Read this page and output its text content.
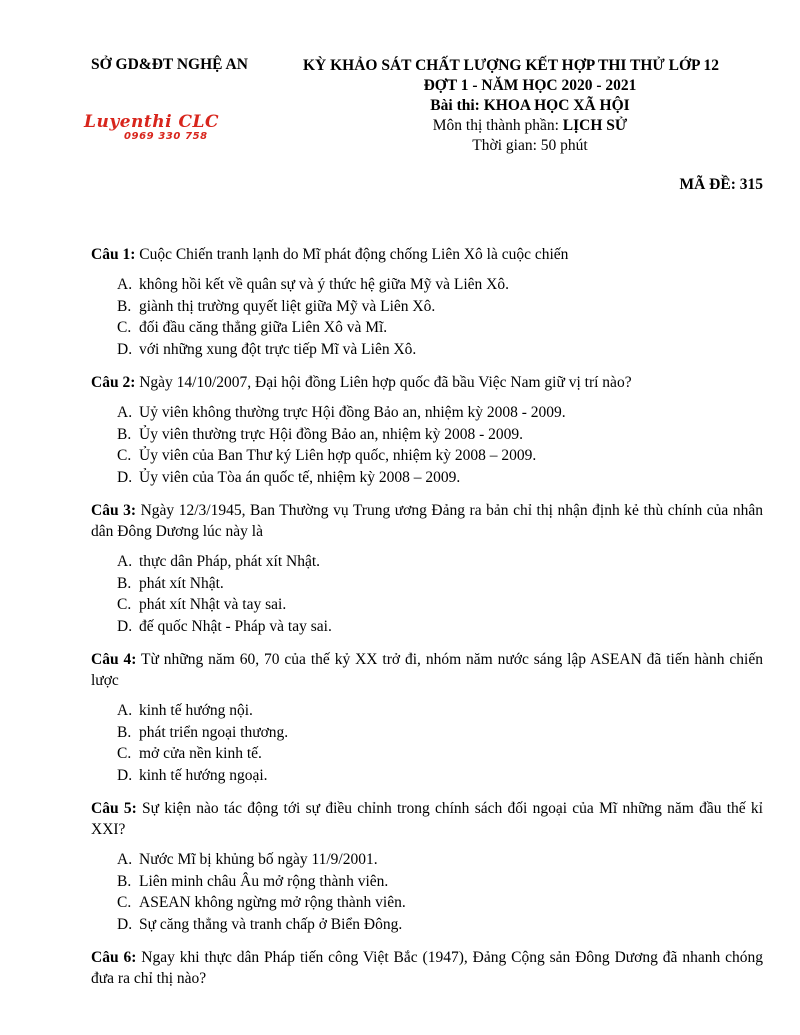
SỞ GD&ĐT NGHỆ AN	KỲ KHẢO SÁT CHẤT LƯỢNG KẾT HỢP THI THỬ LỚP 12
ĐỢT 1 - NĂM HỌC 2020 - 2021
Bài thi: KHOA HỌC XÃ HỘI
Môn thị thành phần: LỊCH SỬ
Thời gian: 50 phút
Luyenthi CLC
0969 330 758
MÃ ĐỀ: 315
Câu 1: Cuộc Chiến tranh lạnh do Mĩ phát động chống Liên Xô là cuộc chiến
A. không hồi kết về quân sự và ý thức hệ giữa Mỹ và Liên Xô.
B. giành thị trường quyết liệt giữa Mỹ và Liên Xô.
C. đối đầu căng thẳng giữa Liên Xô và Mĩ.
D. với những xung đột trực tiếp Mĩ và Liên Xô.
Câu 2: Ngày 14/10/2007, Đại hội đồng Liên hợp quốc đã bầu Việc Nam giữ vị trí nào?
A. Uỷ viên không thường trực Hội đồng Bảo an, nhiệm kỳ 2008 - 2009.
B. Ủy viên thường trực Hội đồng Bảo an, nhiệm kỳ 2008 - 2009.
C. Ủy viên của Ban Thư ký Liên hợp quốc, nhiệm kỳ 2008 – 2009.
D. Ủy viên của Tòa án quốc tế, nhiệm kỳ 2008 – 2009.
Câu 3: Ngày 12/3/1945, Ban Thường vụ Trung ương Đảng ra bản chỉ thị nhận định kẻ thù chính của nhân dân Đông Dương lúc này là
A. thực dân Pháp, phát xít Nhật.
B. phát xít Nhật.
C. phát xít Nhật và tay sai.
D. đế quốc Nhật - Pháp và tay sai.
Câu 4: Từ những năm 60, 70 của thế kỷ XX trở đi, nhóm năm nước sáng lập ASEAN đã tiến hành chiến lược
A. kinh tế hướng nội.
B. phát triển ngoại thương.
C. mở cửa nền kinh tế.
D. kinh tế hướng ngoại.
Câu 5: Sự kiện nào tác động tới sự điều chỉnh trong chính sách đối ngoại của Mĩ những năm đầu thế kỉ XXI?
A. Nước Mĩ bị khủng bố ngày 11/9/2001.
B. Liên minh châu Âu mở rộng thành viên.
C. ASEAN không ngừng mở rộng thành viên.
D. Sự căng thẳng và tranh chấp ở Biển Đông.
Câu 6: Ngay khi thực dân Pháp tiến công Việt Bắc (1947), Đảng Cộng sản Đông Dương đã nhanh chóng đưa ra chỉ thị nào?
